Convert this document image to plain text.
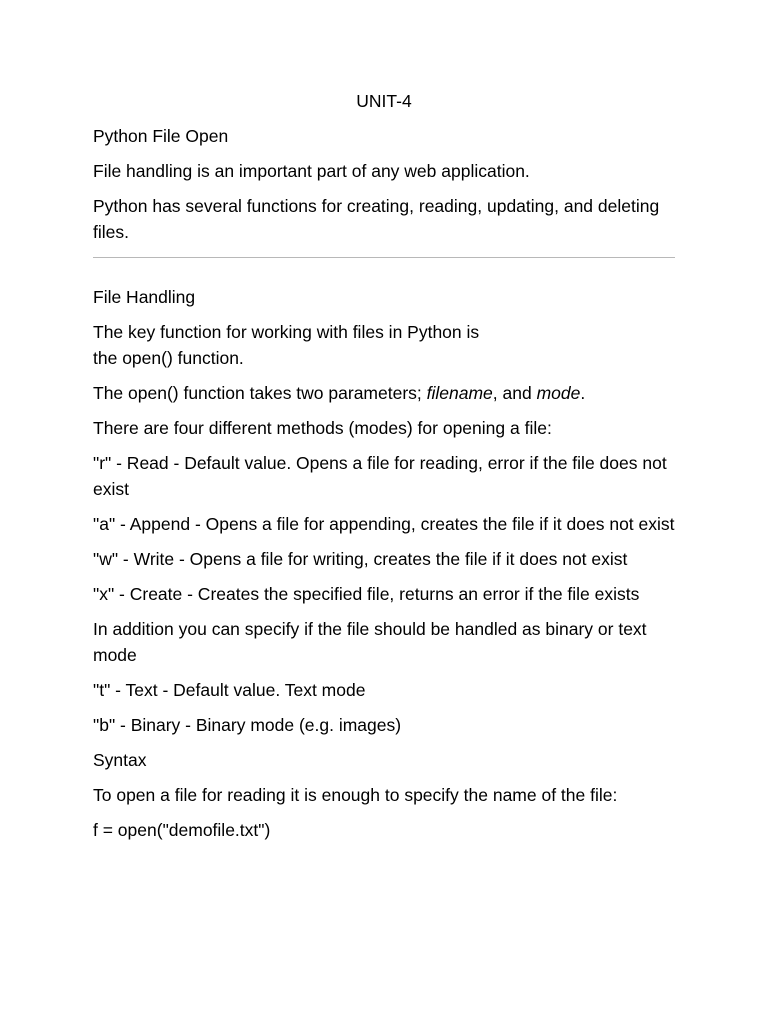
UNIT-4

Python File Open

File handling is an important part of any web application.

Python has several functions for creating, reading, updating, and deleting files.

File Handling

The key function for working with files in Python is
the open() function.

The open() function takes two parameters; filename, and mode.

There are four different methods (modes) for opening a file:

"r" - Read - Default value. Opens a file for reading, error if the file does not exist

"a" - Append - Opens a file for appending, creates the file if it does not exist

"w" - Write - Opens a file for writing, creates the file if it does not exist

"x" - Create - Creates the specified file, returns an error if the file exists

In addition you can specify if the file should be handled as binary or text mode

"t" - Text - Default value. Text mode

"b" - Binary - Binary mode (e.g. images)

Syntax

To open a file for reading it is enough to specify the name of the file:

f = open("demofile.txt")
